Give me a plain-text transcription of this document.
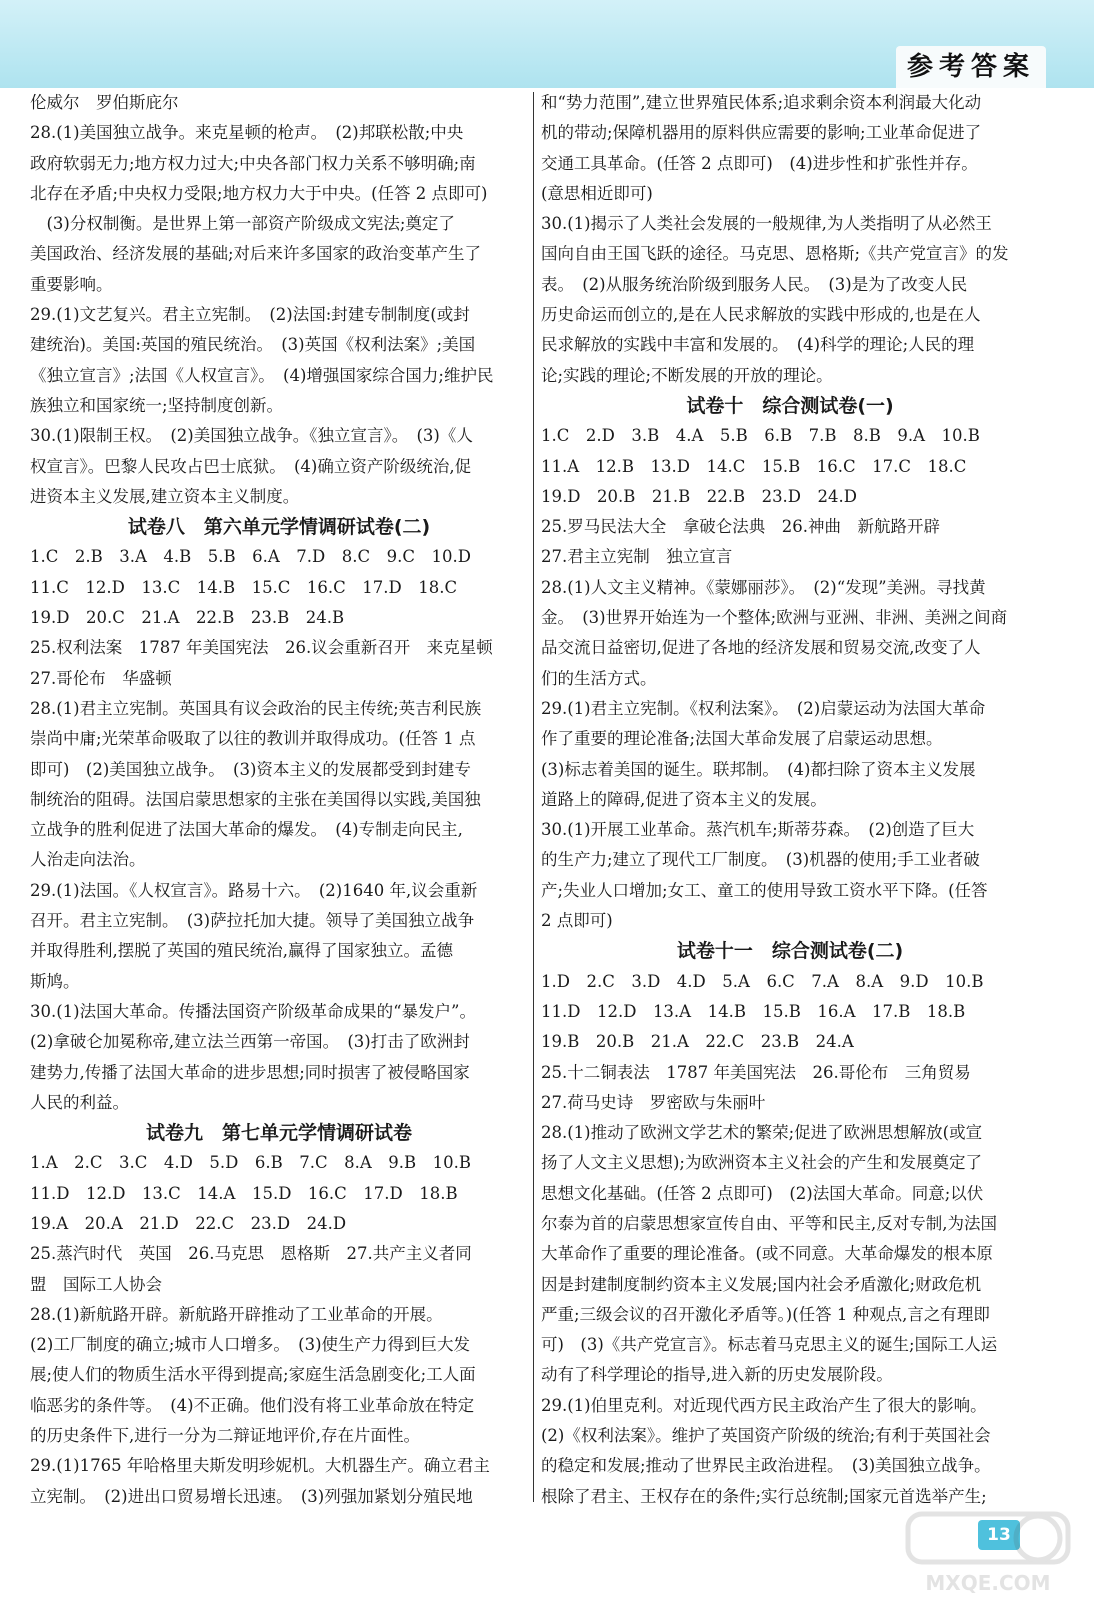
参考答案
伦威尔　罗伯斯庇尔
28.(1)美国独立战争。来克星顿的枪声。　(2)邦联松散;中央
政府软弱无力;地方权力过大;中央各部门权力关系不够明确;南
北存在矛盾;中央权力受限;地方权力大于中央。(任答 2 点即可)
　(3)分权制衡。是世界上第一部资产阶级成文宪法;奠定了
美国政治、经济发展的基础;对后来许多国家的政治变革产生了
重要影响。
29.(1)文艺复兴。君主立宪制。　(2)法国:封建专制制度(或封
建统治)。美国:英国的殖民统治。　(3)英国《权利法案》;美国
《独立宣言》;法国《人权宣言》。　(4)增强国家综合国力;维护民
族独立和国家统一;坚持制度创新。
30.(1)限制王权。　(2)美国独立战争。《独立宣言》。　(3)《人
权宣言》。巴黎人民攻占巴士底狱。　(4)确立资产阶级统治,促
进资本主义发展,建立资本主义制度。
试卷八　第六单元学情调研试卷(二)
1.C　2.B　3.A　4.B　5.B　6.A　7.D　8.C　9.C　10.D
11.C　12.D　13.C　14.B　15.C　16.C　17.D　18.C
19.D　20.C　21.A　22.B　23.B　24.B
25.权利法案　1787 年美国宪法　26.议会重新召开　来克星顿
27.哥伦布　华盛顿
28.(1)君主立宪制。英国具有议会政治的民主传统;英吉利民族
崇尚中庸;光荣革命吸取了以往的教训并取得成功。(任答 1 点
即可)　(2)美国独立战争。　(3)资本主义的发展都受到封建专
制统治的阻碍。法国启蒙思想家的主张在美国得以实践,美国独
立战争的胜利促进了法国大革命的爆发。　(4)专制走向民主,
人治走向法治。
29.(1)法国。《人权宣言》。路易十六。　(2)1640 年,议会重新
召开。君主立宪制。　(3)萨拉托加大捷。领导了美国独立战争
并取得胜利,摆脱了英国的殖民统治,赢得了国家独立。孟德
斯鸠。
30.(1)法国大革命。传播法国资产阶级革命成果的“暴发户”。
(2)拿破仑加冕称帝,建立法兰西第一帝国。　(3)打击了欧洲封
建势力,传播了法国大革命的进步思想;同时损害了被侵略国家
人民的利益。
试卷九　第七单元学情调研试卷
1.A　2.C　3.C　4.D　5.D　6.B　7.C　8.A　9.B　10.B
11.D　12.D　13.C　14.A　15.D　16.C　17.D　18.B
19.A　20.A　21.D　22.C　23.D　24.D
25.蒸汽时代　英国　26.马克思　恩格斯　27.共产主义者同
盟　国际工人协会
28.(1)新航路开辟。新航路开辟推动了工业革命的开展。
(2)工厂制度的确立;城市人口增多。　(3)使生产力得到巨大发
展;使人们的物质生活水平得到提高;家庭生活急剧变化;工人面
临恶劣的条件等。　(4)不正确。他们没有将工业革命放在特定
的历史条件下,进行一分为二辩证地评价,存在片面性。
29.(1)1765 年哈格里夫斯发明珍妮机。大机器生产。确立君主
立宪制。　(2)进出口贸易增长迅速。　(3)列强加紧划分殖民地
和“势力范围”,建立世界殖民体系;追求剩余资本利润最大化动
机的带动;保障机器用的原料供应需要的影响;工业革命促进了
交通工具革命。(任答 2 点即可)　(4)进步性和扩张性并存。
(意思相近即可)
30.(1)揭示了人类社会发展的一般规律,为人类指明了从必然王
国向自由王国飞跃的途径。马克思、恩格斯;《共产党宣言》的发
表。　(2)从服务统治阶级到服务人民。　(3)是为了改变人民
历史命运而创立的,是在人民求解放的实践中形成的,也是在人
民求解放的实践中丰富和发展的。　(4)科学的理论;人民的理
论;实践的理论;不断发展的开放的理论。
试卷十　综合测试卷(一)
1.C　2.D　3.B　4.A　5.B　6.B　7.B　8.B　9.A　10.B
11.A　12.B　13.D　14.C　15.B　16.C　17.C　18.C
19.D　20.B　21.B　22.B　23.D　24.D
25.罗马民法大全　拿破仑法典　26.神曲　新航路开辟
27.君主立宪制　独立宣言
28.(1)人文主义精神。《蒙娜丽莎》。　(2)“发现”美洲。寻找黄
金。　(3)世界开始连为一个整体;欧洲与亚洲、非洲、美洲之间商
品交流日益密切,促进了各地的经济发展和贸易交流,改变了人
们的生活方式。
29.(1)君主立宪制。《权利法案》。　(2)启蒙运动为法国大革命
作了重要的理论准备;法国大革命发展了启蒙运动思想。
(3)标志着美国的诞生。联邦制。　(4)都扫除了资本主义发展
道路上的障碍,促进了资本主义的发展。
30.(1)开展工业革命。蒸汽机车;斯蒂芬森。　(2)创造了巨大
的生产力;建立了现代工厂制度。　(3)机器的使用;手工业者破
产;失业人口增加;女工、童工的使用导致工资水平下降。(任答
2 点即可)
试卷十一　综合测试卷(二)
1.D　2.C　3.D　4.D　5.A　6.C　7.A　8.A　9.D　10.B
11.D　12.D　13.A　14.B　15.B　16.A　17.B　18.B
19.B　20.B　21.A　22.C　23.B　24.A
25.十二铜表法　1787 年美国宪法　26.哥伦布　三角贸易
27.荷马史诗　罗密欧与朱丽叶
28.(1)推动了欧洲文学艺术的繁荣;促进了欧洲思想解放(或宣
扬了人文主义思想);为欧洲资本主义社会的产生和发展奠定了
思想文化基础。(任答 2 点即可)　(2)法国大革命。同意;以伏
尔泰为首的启蒙思想家宣传自由、平等和民主,反对专制,为法国
大革命作了重要的理论准备。(或不同意。大革命爆发的根本原
因是封建制度制约资本主义发展;国内社会矛盾激化;财政危机
严重;三级会议的召开激化矛盾等。)(任答 1 种观点,言之有理即
可)　(3)《共产党宣言》。标志着马克思主义的诞生;国际工人运
动有了科学理论的指导,进入新的历史发展阶段。
29.(1)伯里克利。对近现代西方民主政治产生了很大的影响。
(2)《权利法案》。维护了英国资产阶级的统治;有利于英国社会
的稳定和发展;推动了世界民主政治进程。　(3)美国独立战争。
根除了君主、王权存在的条件;实行总统制;国家元首选举产生;
13
MXQE.COM
